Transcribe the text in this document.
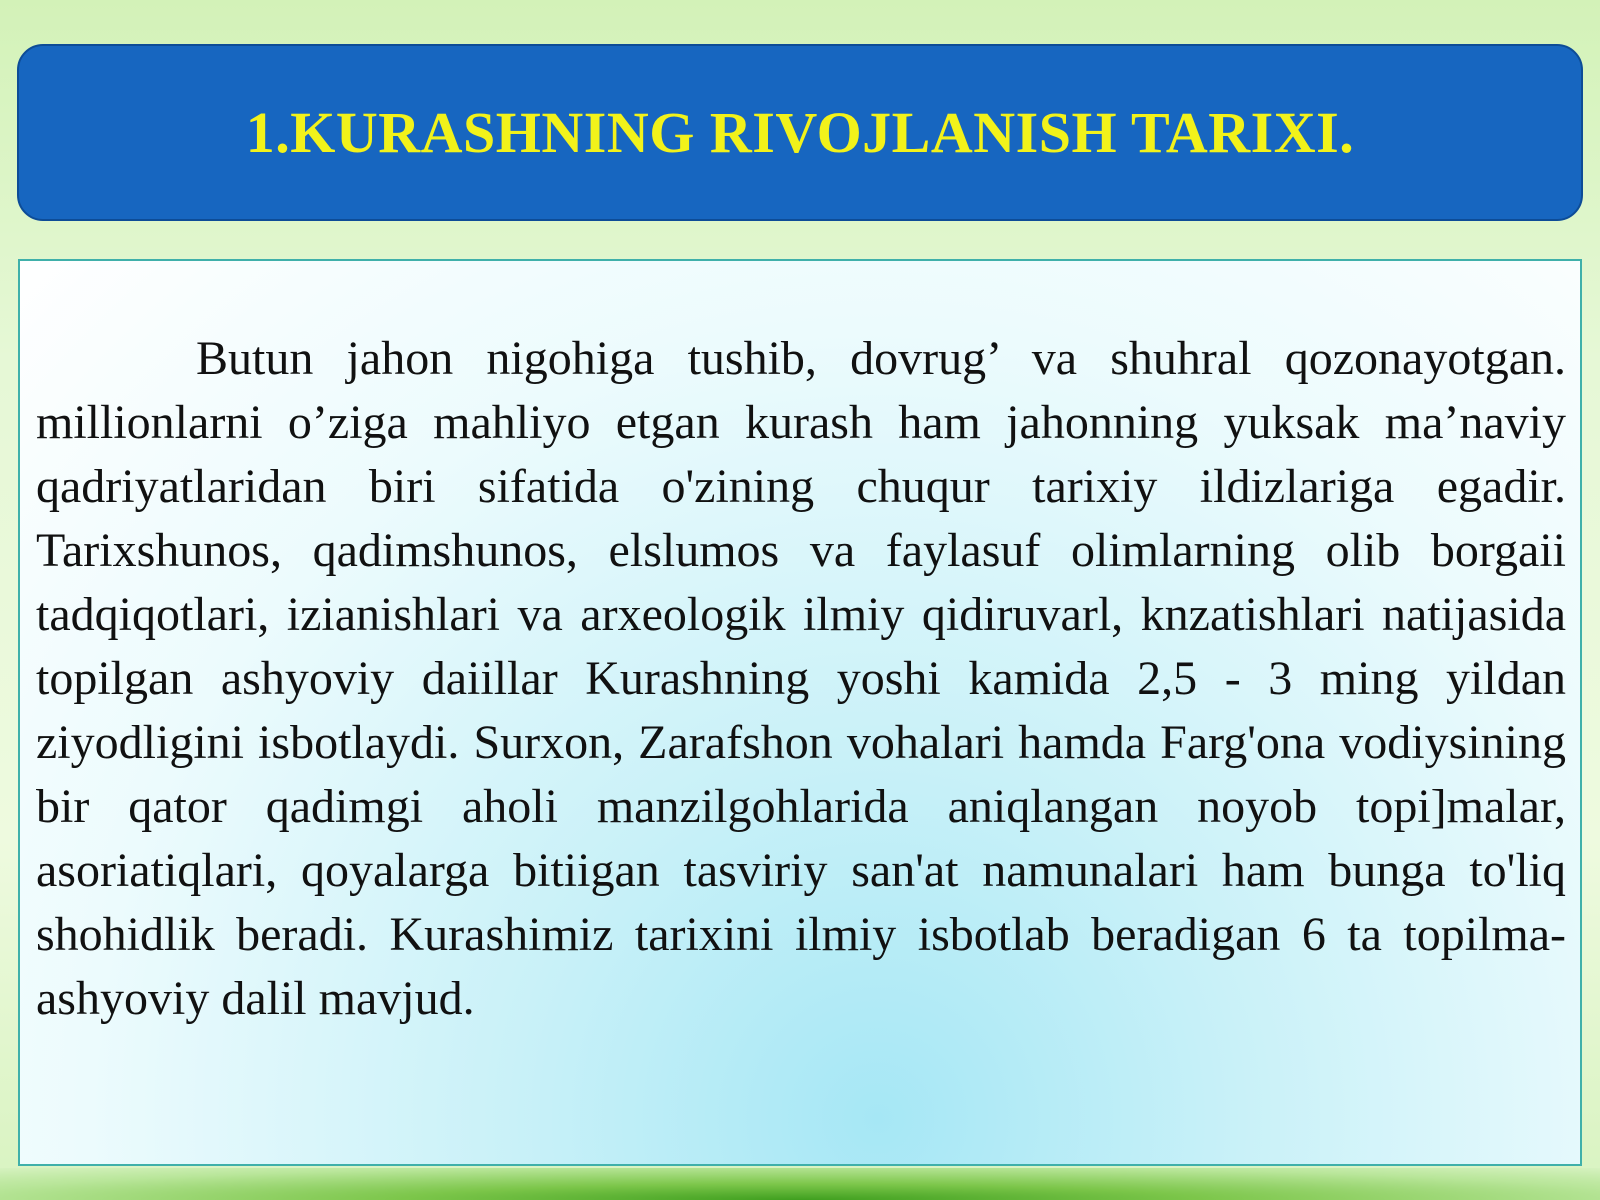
1.KURASHNING RIVOJLANISH TARIXI.

Butun jahon nigohiga tushib, dovrug’ va shuhral qozonayotgan. millionlarni o’ziga mahliyo etgan kurash ham jahonning yuksak ma’naviy qadriyatlaridan biri sifatida o'zining chuqur tarixiy ildizlariga egadir. Tarixshunos, qadimshunos, elslumos va faylasuf olimlarning olib borgaii tadqiqotlari, izianishlari va arxeologik ilmiy qidiruvarl, knzatishlari natijasida topilgan ashyoviy daiillar Kurashning yoshi kamida 2,5 - 3 ming yildan ziyodligini isbotlaydi. Surxon, Zarafshon vohalari hamda Farg'ona vodiysining bir qator qadimgi aholi manzilgohlarida aniqlangan noyob topi]malar, asoriatiqlari, qoyalarga bitiigan tasviriy san'at namunalari ham bunga to'liq shohidlik beradi. Kurashimiz tarixini ilmiy isbotlab beradigan 6 ta topilma-ashyoviy dalil mavjud.
